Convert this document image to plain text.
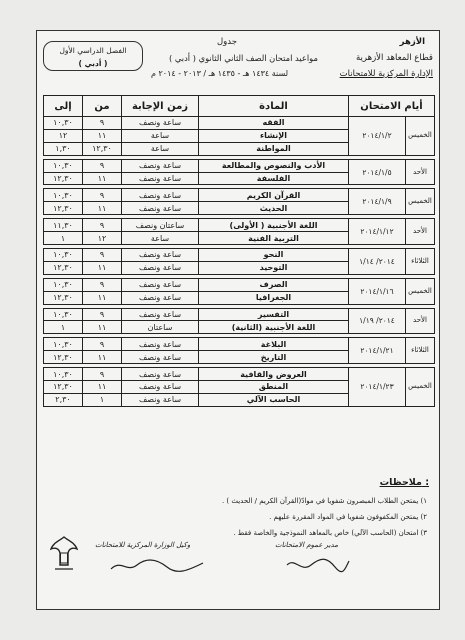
الأزهر
قطاع المعاهد الأزهرية
الإدارة المركزية للامتحانات
جدول
مواعيد امتحان الصف الثاني الثانوي ( أدبي )
لسنة ١٤٣٤ هـ - ١٤٣٥ هـ / ٢٠١٣ - ٢٠١٤ م
الفصل الدراسي الأول
( أدبي )
إلى	من	زمن الإجابة	المادة	أيام الامتحان	
١٠,٣٠	٩	ساعة ونصف	الفقه	٢٠١٤/١/٢	الخميس
١٢	١١	ساعة	الإنشاء		
١,٣٠	١٢,٣٠	ساعة	المواطنة		

١٠,٣٠	٩	ساعة ونصف	الأدب والنصوص والمطالعة	٢٠١٤/١/٥	الأحد
١٢,٣٠	١١	ساعة ونصف	الفلسفة		

١٠,٣٠	٩	ساعة ونصف	القرآن الكريم	٢٠١٤/١/٩	الخميس
١٢,٣٠	١١	ساعة ونصف	الحديث		

١١,٣٠	٩	ساعتان ونصف	اللغة الأجنبية ( الأولى)	٢٠١٤/١/١٢	الأحد
١	١٢	ساعة	التربية الفنية		

١٠,٣٠	٩	ساعة ونصف	النحو	٢٠١٤/ ١/١٤	الثلاثاء
١٢,٣٠	١١	ساعة ونصف	التوحيد		

١٠,٣٠	٩	ساعة ونصف	الصرف	٢٠١٤/١/١٦	الخميس
١٢,٣٠	١١	ساعة ونصف	الجغرافيا		

١٠,٣٠	٩	ساعة ونصف	التفسير	٢٠١٤/ ١/١٩	الأحد
١	١١	ساعتان	اللغة الأجنبية (الثانية)		

١٠,٣٠	٩	ساعة ونصف	البلاغة	٢٠١٤/١/٢١	الثلاثاء
١٢,٣٠	١١	ساعة ونصف	التاريخ		

١٠,٣٠	٩	ساعة ونصف	العروض والقافية	٢٠١٤/١/٢٣	الخميس
١٢,٣٠	١١	ساعة ونصف	المنطق		
٢,٣٠	١	ساعة ونصف	الحاسب الآلي		
ملاحظات :
١) يمتحن الطلاب المبصرون شفويا في موادّ(القرآن الكريم / الحديث ) .
٢) يمتحن المكفوفون شفويا في المواد المقررة عليهم .
٣) امتحان (الحاسب الآلي) خاص بالمعاهد النموذجية والخاصة فقط .
وكيل الوزارة المركزية للامتحانات	مدير عموم الامتحانات
